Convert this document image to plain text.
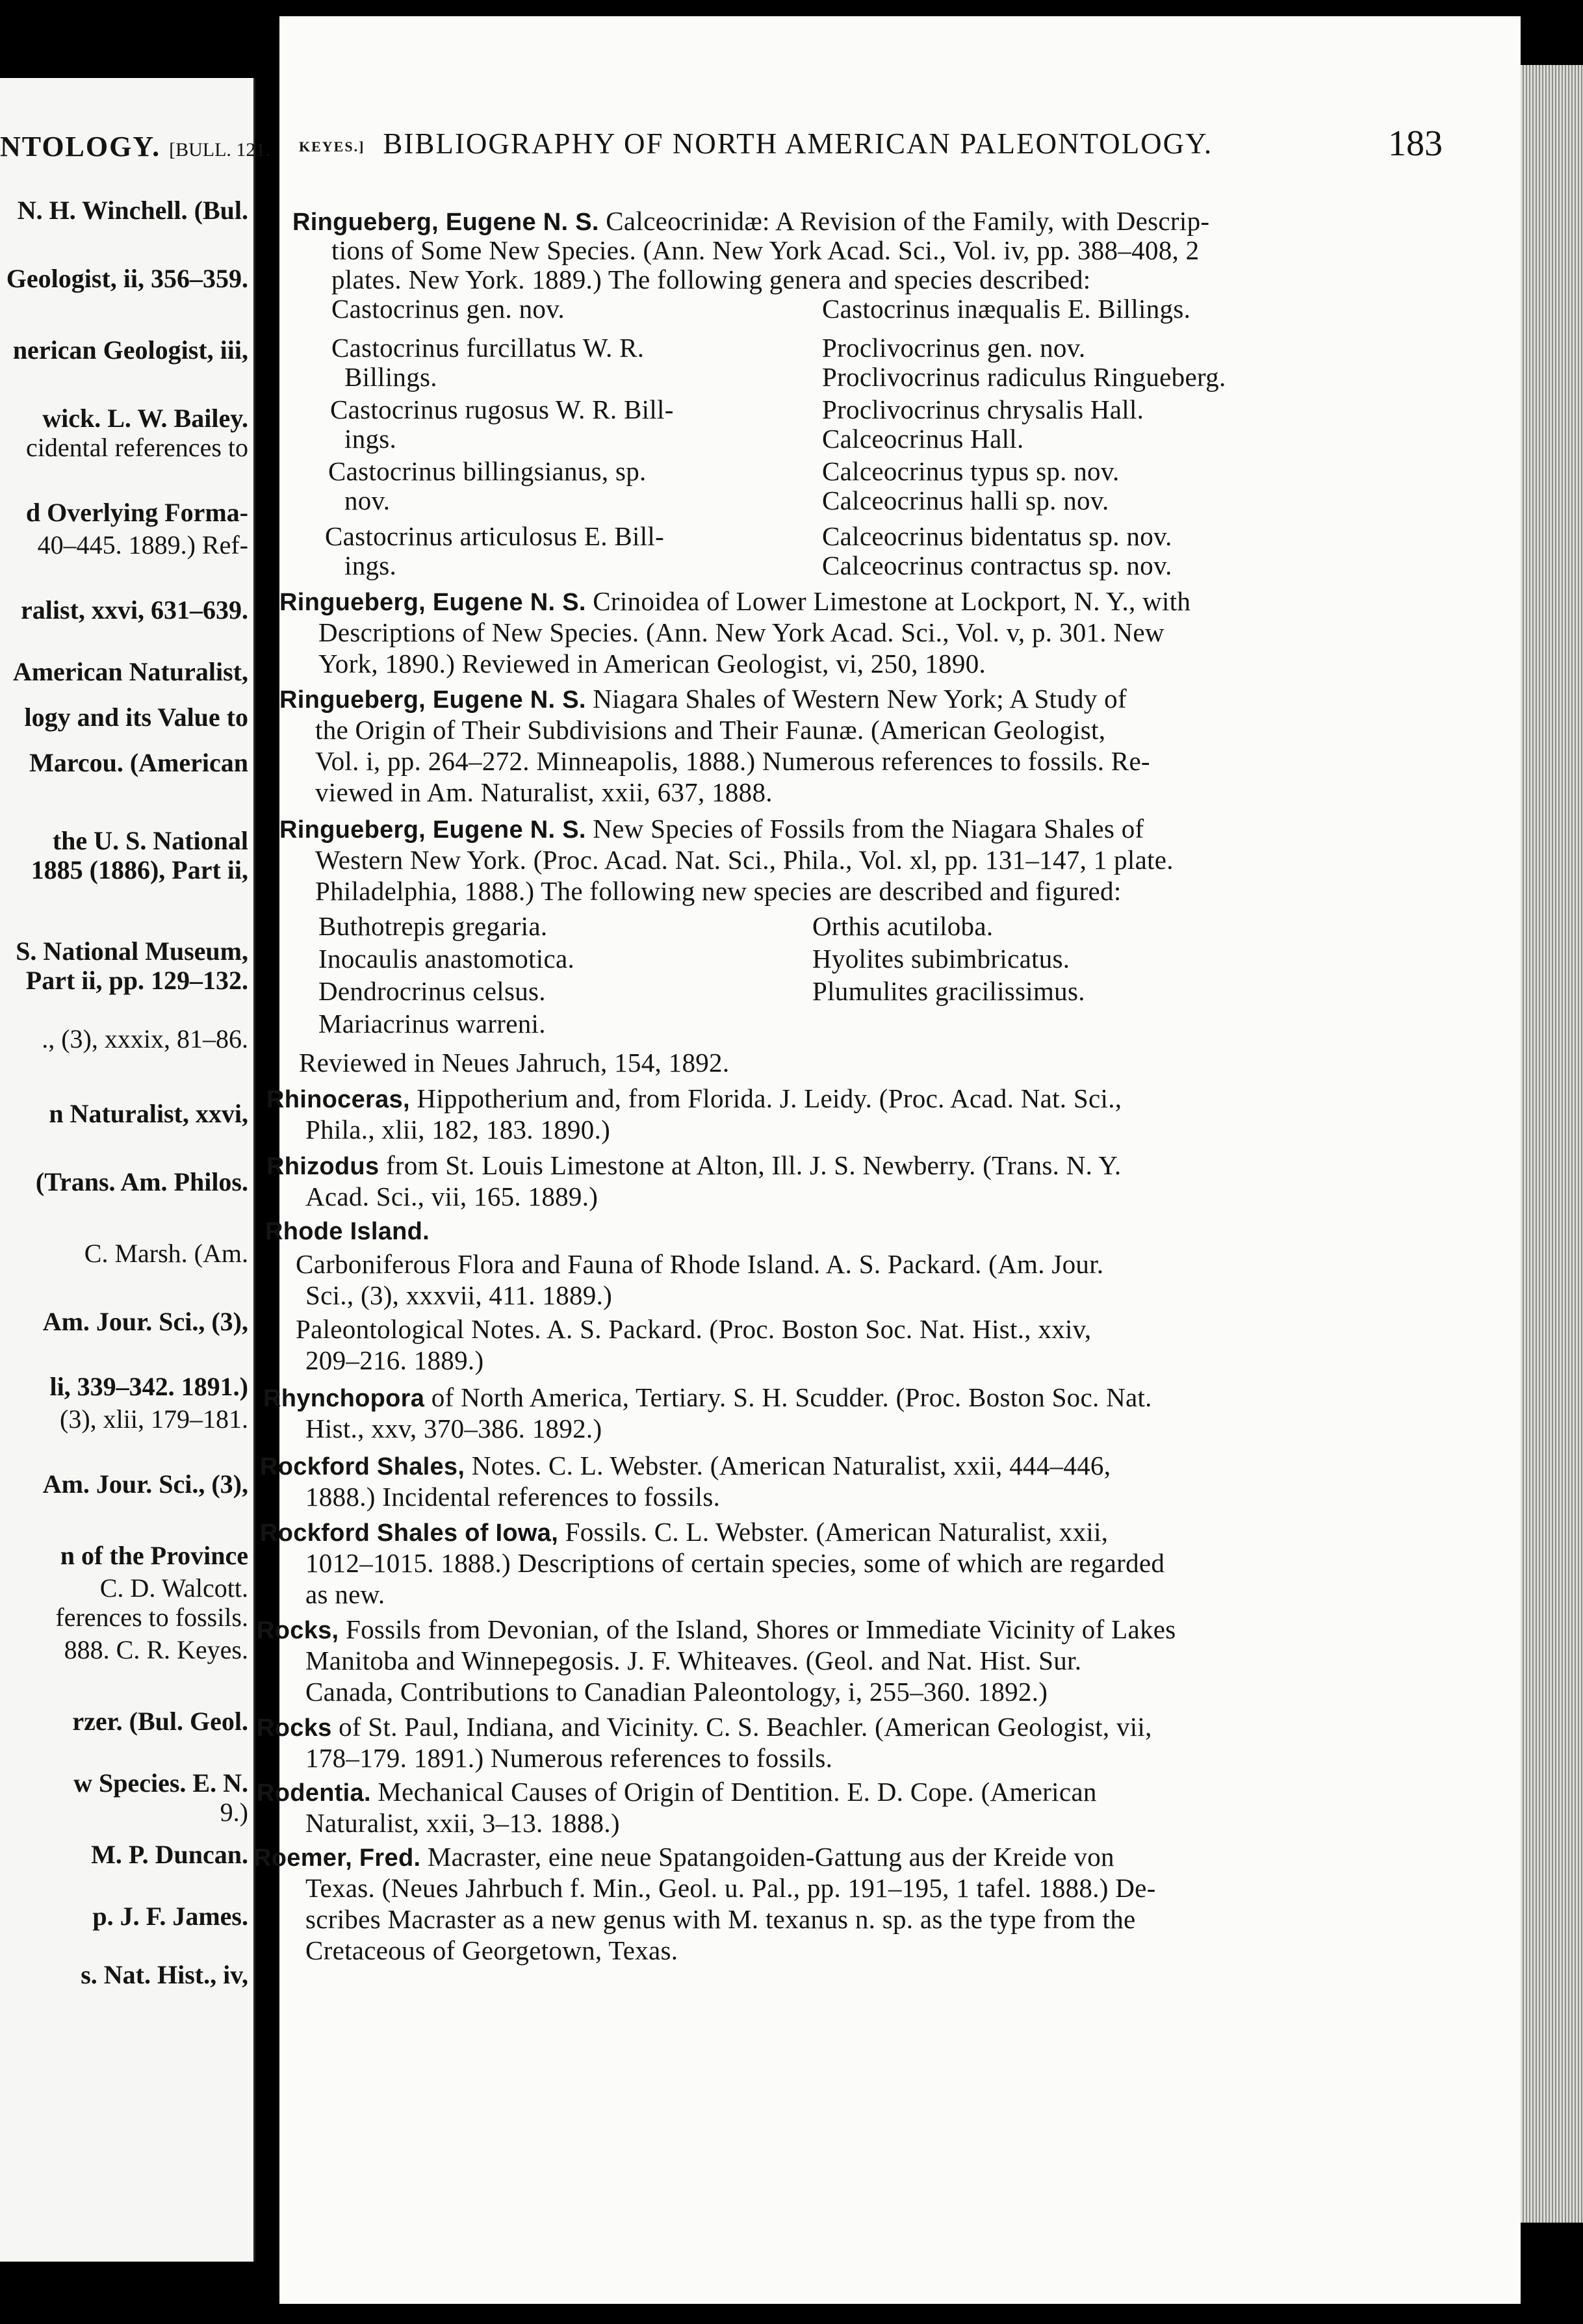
NTOLOGY. [BULL. 121.
N. H. Winchell. (Bul.
Geologist, ii, 356–359.
nerican Geologist, iii,
wick. L. W. Bailey.
cidental references to
d Overlying Forma-
40–445. 1889.) Ref-
ralist, xxvi, 631–639.
American Naturalist,
logy and its Value to
Marcou. (American
the U. S. National
1885 (1886), Part ii,
S. National Museum,
Part ii, pp. 129–132.
., (3), xxxix, 81–86.
n Naturalist, xxvi,
(Trans. Am. Philos.
C. Marsh. (Am.
Am. Jour. Sci., (3),
li, 339–342. 1891.)
(3), xlii, 179–181.
Am. Jour. Sci., (3),
n of the Province
C. D. Walcott.
ferences to fossils.
888. C. R. Keyes.
rzer. (Bul. Geol.
w Species. E. N.
9.)
M. P. Duncan.
p. J. F. James.
s. Nat. Hist., iv,
KEYES.] BIBLIOGRAPHY OF NORTH AMERICAN PALEONTOLOGY.	183
Ringueberg, Eugene N. S. Calceocrinidæ: A Revision of the Family, with Descrip-
tions of Some New Species. (Ann. New York Acad. Sci., Vol. iv, pp. 388–408, 2
plates. New York. 1889.) The following genera and species described:
Castocrinus gen. nov.	Castocrinus inæqualis E. Billings.
Castocrinus furcillatus W. R.	Proclivocrinus gen. nov.
Billings.	Proclivocrinus radiculus Ringueberg.
Castocrinus rugosus W. R. Bill-	Proclivocrinus chrysalis Hall.
ings.	Calceocrinus Hall.
Castocrinus billingsianus, sp.	Calceocrinus typus sp. nov.
nov.	Calceocrinus halli sp. nov.
Castocrinus articulosus E. Bill-	Calceocrinus bidentatus sp. nov.
ings.	Calceocrinus contractus sp. nov.
Ringueberg, Eugene N. S. Crinoidea of Lower Limestone at Lockport, N. Y., with
Descriptions of New Species. (Ann. New York Acad. Sci., Vol. v, p. 301. New
York, 1890.) Reviewed in American Geologist, vi, 250, 1890.
Ringueberg, Eugene N. S. Niagara Shales of Western New York; A Study of
the Origin of Their Subdivisions and Their Faunæ. (American Geologist,
Vol. i, pp. 264–272. Minneapolis, 1888.) Numerous references to fossils. Re-
viewed in Am. Naturalist, xxii, 637, 1888.
Ringueberg, Eugene N. S. New Species of Fossils from the Niagara Shales of
Western New York. (Proc. Acad. Nat. Sci., Phila., Vol. xl, pp. 131–147, 1 plate.
Philadelphia, 1888.) The following new species are described and figured:
Buthotrepis gregaria.	Orthis acutiloba.
Inocaulis anastomotica.	Hyolites subimbricatus.
Dendrocrinus celsus.	Plumulites gracilissimus.
Mariacrinus warreni.
Reviewed in Neues Jahruch, 154, 1892.
Rhinoceras, Hippotherium and, from Florida. J. Leidy. (Proc. Acad. Nat. Sci.,
Phila., xlii, 182, 183. 1890.)
Rhizodus from St. Louis Limestone at Alton, Ill. J. S. Newberry. (Trans. N. Y.
Acad. Sci., vii, 165. 1889.)
Rhode Island.
Carboniferous Flora and Fauna of Rhode Island. A. S. Packard. (Am. Jour.
Sci., (3), xxxvii, 411. 1889.)
Paleontological Notes. A. S. Packard. (Proc. Boston Soc. Nat. Hist., xxiv,
209–216. 1889.)
Rhynchopora of North America, Tertiary. S. H. Scudder. (Proc. Boston Soc. Nat.
Hist., xxv, 370–386. 1892.)
Rockford Shales, Notes. C. L. Webster. (American Naturalist, xxii, 444–446,
1888.) Incidental references to fossils.
Rockford Shales of Iowa, Fossils. C. L. Webster. (American Naturalist, xxii,
1012–1015. 1888.) Descriptions of certain species, some of which are regarded
as new.
Rocks, Fossils from Devonian, of the Island, Shores or Immediate Vicinity of Lakes
Manitoba and Winnepegosis. J. F. Whiteaves. (Geol. and Nat. Hist. Sur.
Canada, Contributions to Canadian Paleontology, i, 255–360. 1892.)
Rocks of St. Paul, Indiana, and Vicinity. C. S. Beachler. (American Geologist, vii,
178–179. 1891.) Numerous references to fossils.
Rodentia. Mechanical Causes of Origin of Dentition. E. D. Cope. (American
Naturalist, xxii, 3–13. 1888.)
Roemer, Fred. Macraster, eine neue Spatangoiden-Gattung aus der Kreide von
Texas. (Neues Jahrbuch f. Min., Geol. u. Pal., pp. 191–195, 1 tafel. 1888.) De-
scribes Macraster as a new genus with M. texanus n. sp. as the type from the
Cretaceous of Georgetown, Texas.
